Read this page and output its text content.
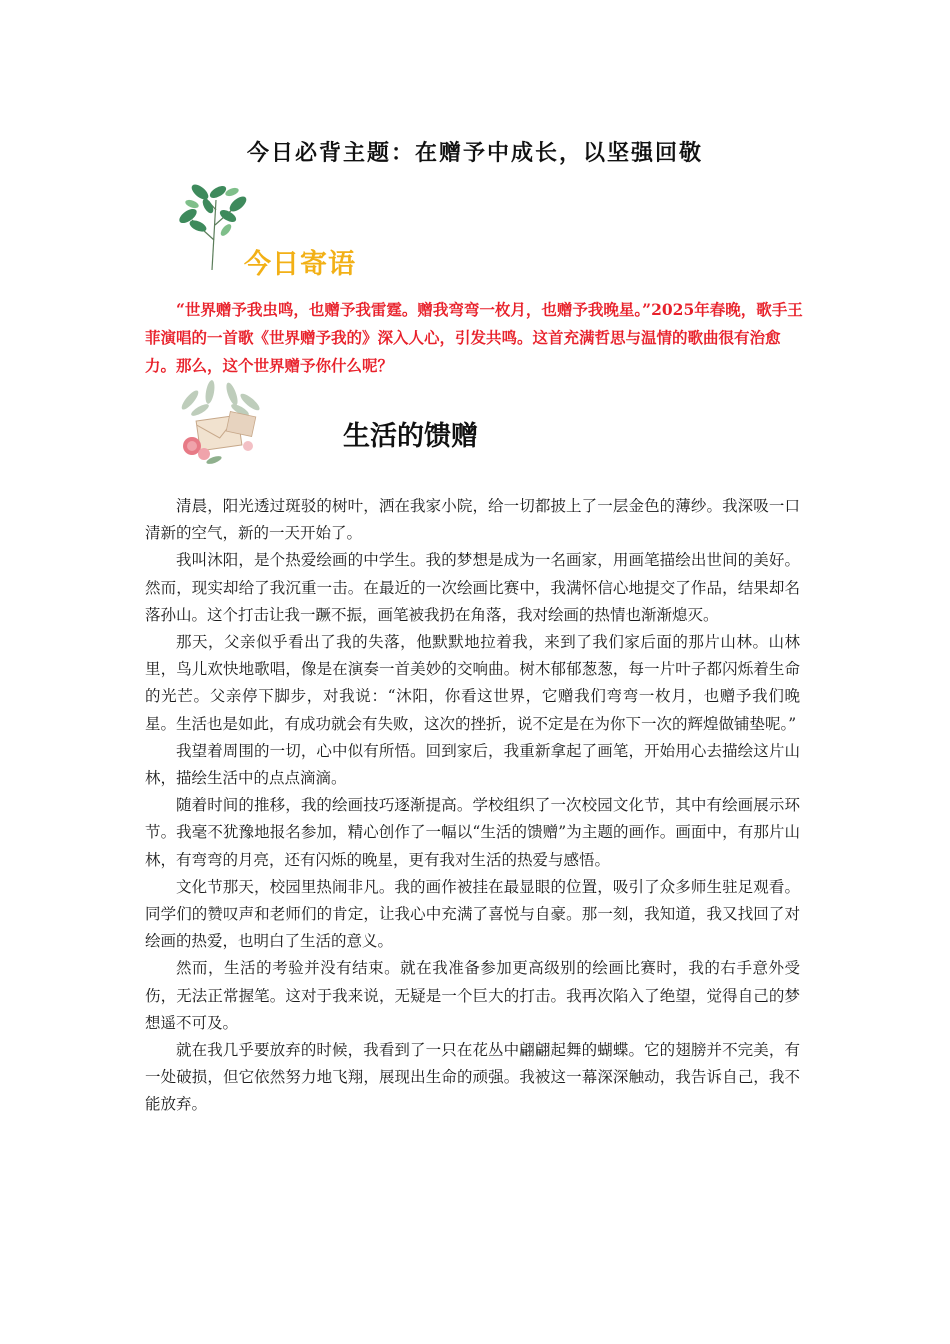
今日必背主题：在赠予中成长，以坚强回敬
今日寄语
“世界赠予我虫鸣，也赠予我雷霆。赠我弯弯一枚月，也赠予我晚星。”2025年春晚，歌手王菲演唱的一首歌《世界赠予我的》深入人心，引发共鸣。这首充满哲思与温情的歌曲很有治愈力。那么，这个世界赠予你什么呢？
生活的馈赠

清晨，阳光透过斑驳的树叶，洒在我家小院，给一切都披上了一层金色的薄纱。我深吸一口清新的空气，新的一天开始了。

我叫沐阳，是个热爱绘画的中学生。我的梦想是成为一名画家，用画笔描绘出世间的美好。然而，现实却给了我沉重一击。在最近的一次绘画比赛中，我满怀信心地提交了作品，结果却名落孙山。这个打击让我一蹶不振，画笔被我扔在角落，我对绘画的热情也渐渐熄灭。

那天，父亲似乎看出了我的失落，他默默地拉着我，来到了我们家后面的那片山林。山林里，鸟儿欢快地歌唱，像是在演奏一首美妙的交响曲。树木郁郁葱葱，每一片叶子都闪烁着生命的光芒。父亲停下脚步，对我说：“沐阳，你看这世界，它赠我们弯弯一枚月，也赠予我们晚星。生活也是如此，有成功就会有失败，这次的挫折，说不定是在为你下一次的辉煌做铺垫呢。”

我望着周围的一切，心中似有所悟。回到家后，我重新拿起了画笔，开始用心去描绘这片山林，描绘生活中的点点滴滴。

随着时间的推移，我的绘画技巧逐渐提高。学校组织了一次校园文化节，其中有绘画展示环节。我毫不犹豫地报名参加，精心创作了一幅以“生活的馈赠”为主题的画作。画面中，有那片山林，有弯弯的月亮，还有闪烁的晚星，更有我对生活的热爱与感悟。

文化节那天，校园里热闹非凡。我的画作被挂在最显眼的位置，吸引了众多师生驻足观看。同学们的赞叹声和老师们的肯定，让我心中充满了喜悦与自豪。那一刻，我知道，我又找回了对绘画的热爱，也明白了生活的意义。

然而，生活的考验并没有结束。就在我准备参加更高级别的绘画比赛时，我的右手意外受伤，无法正常握笔。这对于我来说，无疑是一个巨大的打击。我再次陷入了绝望，觉得自己的梦想遥不可及。

就在我几乎要放弃的时候，我看到了一只在花丛中翩翩起舞的蝴蝶。它的翅膀并不完美，有一处破损，但它依然努力地飞翔，展现出生命的顽强。我被这一幕深深触动，我告诉自己，我不能放弃。
